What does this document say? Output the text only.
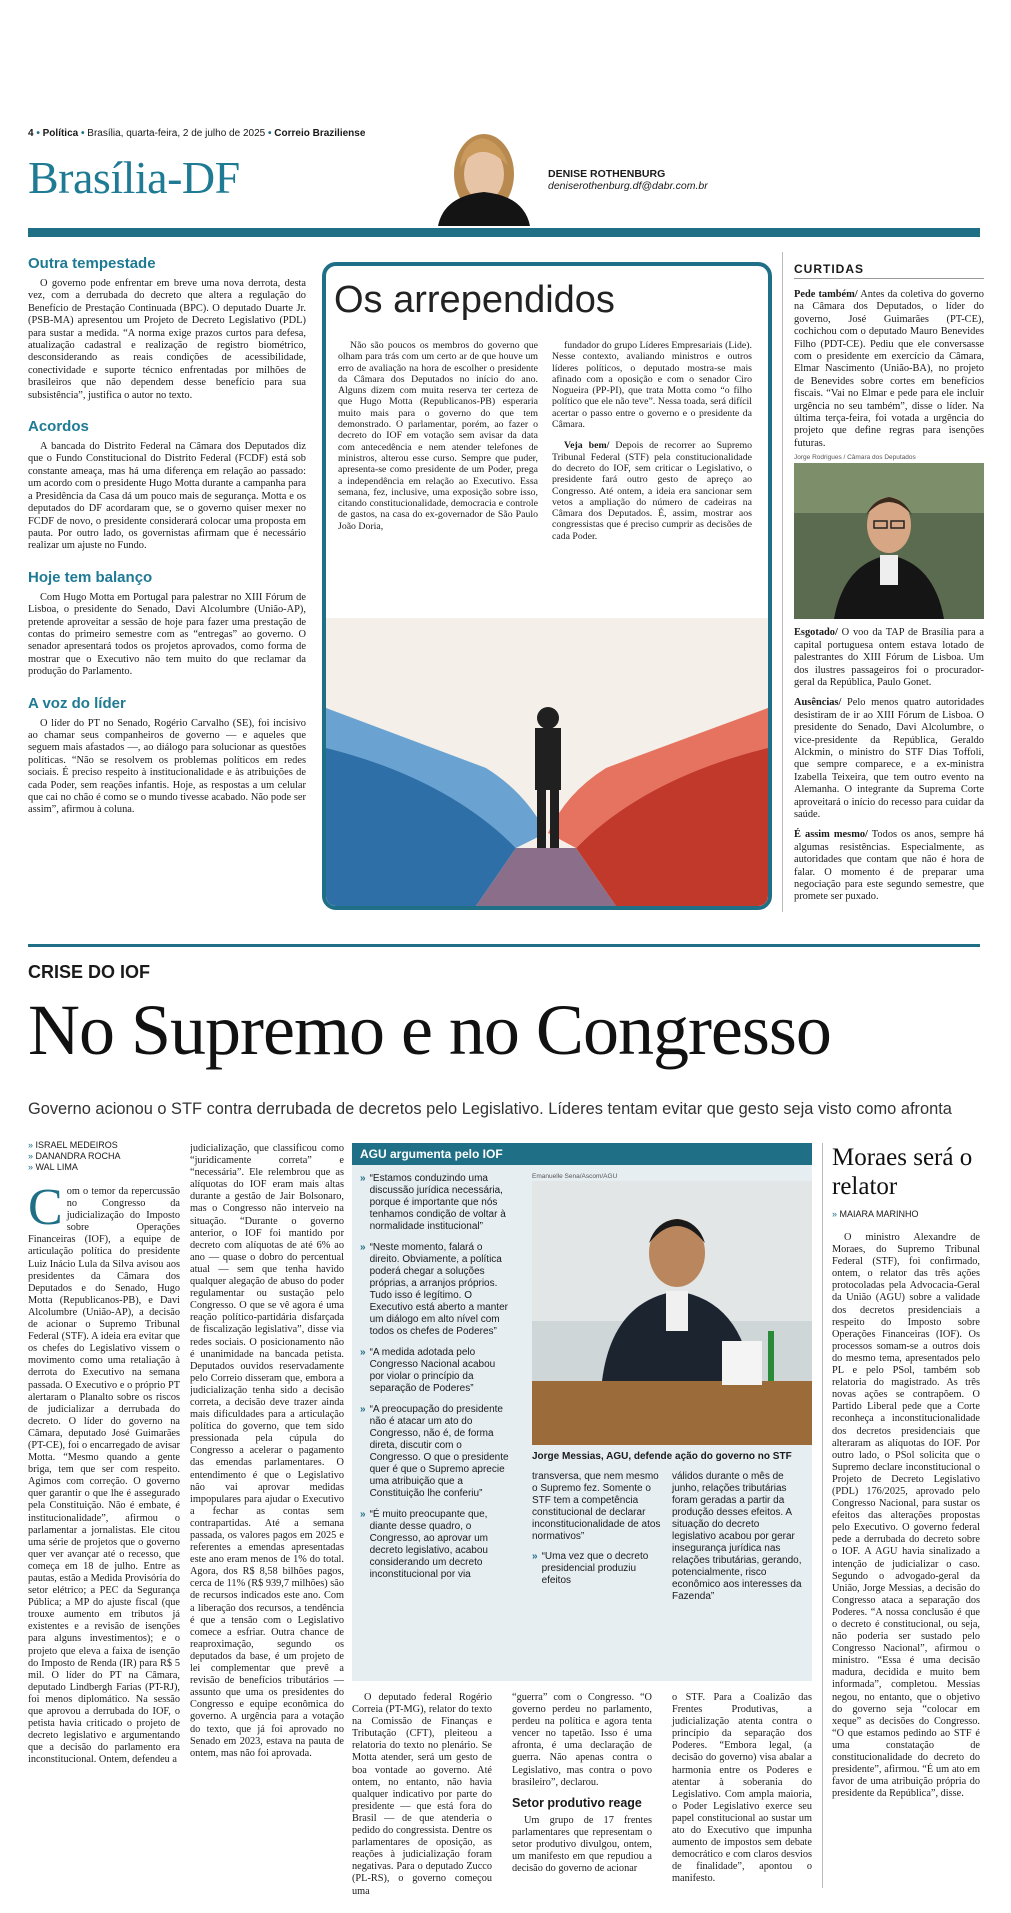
4 • Política • Brasília, quarta-feira, 2 de julho de 2025 • Correio Braziliense
Brasília-DF	DENISE ROTHENBURG
deniserothenburg.df@dabr.com.br
Outra tempestade

O governo pode enfrentar em breve uma nova derrota, desta vez, com a derrubada do decreto que altera a regulação do Benefício de Prestação Continuada (BPC). O deputado Duarte Jr. (PSB-MA) apresentou um Projeto de Decreto Legislativo (PDL) para sustar a medida. “A norma exige prazos curtos para defesa, atualização cadastral e realização de registro biométrico, desconsiderando as reais condições de acessibilidade, conectividade e suporte técnico enfrentadas por milhões de brasileiros que não dependem desse benefício para sua subsistência”, justifica o autor no texto.

Acordos

A bancada do Distrito Federal na Câmara dos Deputados diz que o Fundo Constitucional do Distrito Federal (FCDF) está sob constante ameaça, mas há uma diferença em relação ao passado: um acordo com o presidente Hugo Motta durante a campanha para a Presidência da Casa dá um pouco mais de segurança. Motta e os deputados do DF acordaram que, se o governo quiser mexer no FCDF de novo, o presidente considerará colocar uma proposta em pauta. Por outro lado, os governistas afirmam que é necessário realizar um ajuste no Fundo.

Hoje tem balanço

Com Hugo Motta em Portugal para palestrar no XIII Fórum de Lisboa, o presidente do Senado, Davi Alcolumbre (União-AP), pretende aproveitar a sessão de hoje para fazer uma prestação de contas do primeiro semestre com as “entregas” ao governo. O senador apresentará todos os projetos aprovados, como forma de mostrar que o Executivo não tem muito do que reclamar da produção do Parlamento.

A voz do líder

O líder do PT no Senado, Rogério Carvalho (SE), foi incisivo ao chamar seus companheiros de governo — e aqueles que seguem mais afastados —, ao diálogo para solucionar as questões políticas. “Não se resolvem os problemas políticos em redes sociais. É preciso respeito à institucionalidade e às atribuições de cada Poder, sem reações infantis. Hoje, as respostas a um celular que cai no chão é como se o mundo tivesse acabado. Não pode ser assim”, afirmou à coluna.

Os arrependidos

Não são poucos os membros do governo que olham para trás com um certo ar de que houve um erro de avaliação na hora de escolher o presidente da Câmara dos Deputados no início do ano. Alguns dizem com muita reserva ter certeza de que Hugo Motta (Republicanos-PB) esperaria muito mais para o governo do que tem demonstrado. O parlamentar, porém, ao fazer o decreto do IOF em votação sem avisar da data com antecedência e nem atender telefones de ministros, alterou esse curso. Sempre que puder, apresenta-se como presidente de um Poder, prega a independência em relação ao Executivo. Essa semana, fez, inclusive, uma exposição sobre isso, citando constitucionalidade, democracia e controle de gastos, na casa do ex-governador de São Paulo João Doria,

fundador do grupo Líderes Empresariais (Lide). Nesse contexto, avaliando ministros e outros líderes políticos, o deputado mostra-se mais afinado com a oposição e com o senador Ciro Nogueira (PP-PI), que trata Motta como “o filho político que ele não teve”. Nessa toada, será difícil acertar o passo entre o governo e o presidente da Câmara.

Veja bem/ Depois de recorrer ao Supremo Tribunal Federal (STF) pela constitucionalidade do decreto do IOF, sem criticar o Legislativo, o presidente fará outro gesto de apreço ao Congresso. Até ontem, a ideia era sancionar sem vetos a ampliação do número de cadeiras na Câmara dos Deputados. É, assim, mostrar aos congressistas que é preciso cumprir as decisões de cada Poder.

CURTIDAS

Pede também/ Antes da coletiva do governo na Câmara dos Deputados, o líder do governo, José Guimarães (PT-CE), cochichou com o deputado Mauro Benevides Filho (PDT-CE). Pediu que ele conversasse com o presidente em exercício da Câmara, Elmar Nascimento (União-BA), no projeto de Benevides sobre cortes em benefícios fiscais. “Vai no Elmar e pede para ele incluir urgência no seu também”, disse o líder. Na última terça-feira, foi votada a urgência do projeto que define regras para isenções futuras.

Jorge Rodrigues / Câmara dos Deputados

Esgotado/ O voo da TAP de Brasília para a capital portuguesa ontem estava lotado de palestrantes do XIII Fórum de Lisboa. Um dos ilustres passageiros foi o procurador-geral da República, Paulo Gonet.

Ausências/ Pelo menos quatro autoridades desistiram de ir ao XIII Fórum de Lisboa. O presidente do Senado, Davi Alcolumbre, o vice-presidente da República, Geraldo Alckmin, o ministro do STF Dias Toffoli, que sempre comparece, e a ex-ministra Izabella Teixeira, que tem outro evento na Alemanha. O integrante da Suprema Corte aproveitará o início do recesso para cuidar da saúde.

É assim mesmo/ Todos os anos, sempre há algumas resistências. Especialmente, as autoridades que contam que não é hora de falar. O momento é de preparar uma negociação para este segundo semestre, que promete ser puxado.

CRISE DO IOF
No Supremo e no Congresso
Governo acionou o STF contra derrubada de decretos pelo Legislativo. Líderes tentam evitar que gesto seja visto como afronta
» ISRAEL MEDEIROS
» DANANDRA ROCHA
» WAL LIMA
C om o temor da repercussão no Congresso da judicialização do Imposto sobre Operações Financeiras (IOF), a equipe de articulação política do presidente Luiz Inácio Lula da Silva avisou aos presidentes da Câmara dos Deputados e do Senado, Hugo Motta (Republicanos-PB), e Davi Alcolumbre (União-AP), a decisão de acionar o Supremo Tribunal Federal (STF). A ideia era evitar que os chefes do Legislativo vissem o movimento como uma retaliação à derrota do Executivo na semana passada. O Executivo e o próprio PT alertaram o Planalto sobre os riscos de judicializar a derrubada do decreto. O líder do governo na Câmara, deputado José Guimarães (PT-CE), foi o encarregado de avisar Motta. “Mesmo quando a gente briga, tem que ser com respeito. Agimos com correção. O governo quer garantir o que lhe é assegurado pela Constituição. Não é embate, é institucionalidade”, afirmou o parlamentar a jornalistas. Ele citou uma série de projetos que o governo quer ver avançar até o recesso, que começa em 18 de julho. Entre as pautas, estão a Medida Provisória do setor elétrico; a PEC da Segurança Pública; a MP do ajuste fiscal (que trouxe aumento em tributos já existentes e a revisão de isenções para alguns investimentos); e o projeto que eleva a faixa de isenção do Imposto de Renda (IR) para R$ 5 mil. O líder do PT na Câmara, deputado Lindbergh Farias (PT-RJ), foi menos diplomático. Na sessão que aprovou a derrubada do IOF, o petista havia criticado o projeto de decreto legislativo e argumentando que a decisão do parlamento era inconstitucional. Ontem, defendeu a
judicialização, que classificou como “juridicamente correta” e “necessária”. Ele relembrou que as alíquotas do IOF eram mais altas durante a gestão de Jair Bolsonaro, mas o Congresso não interveio na situação. “Durante o governo anterior, o IOF foi mantido por decreto com alíquotas de até 6% ao ano — quase o dobro do percentual atual — sem que tenha havido qualquer alegação de abuso do poder regulamentar ou sustação pelo Congresso. O que se vê agora é uma reação político-partidária disfarçada de fiscalização legislativa”, disse via redes sociais. O posicionamento não é unanimidade na bancada petista. Deputados ouvidos reservadamente pelo Correio disseram que, embora a judicialização tenha sido a decisão correta, a decisão deve trazer ainda mais dificuldades para a articulação política do governo, que tem sido pressionada pela cúpula do Congresso a acelerar o pagamento das emendas parlamentares. O entendimento é que o Legislativo não vai aprovar medidas impopulares para ajudar o Executivo a fechar as contas sem contrapartidas. Até a semana passada, os valores pagos em 2025 e referentes a emendas apresentadas este ano eram menos de 1% do total. Agora, dos R$ 8,58 bilhões pagos, cerca de 11% (R$ 939,7 milhões) são de recursos indicados este ano. Com a liberação dos recursos, a tendência é que a tensão com o Legislativo comece a esfriar. Outra chance de reaproximação, segundo os deputados da base, é um projeto de lei complementar que prevê a revisão de benefícios tributários — assunto que uma os presidentes do Congresso e equipe econômica do governo. A urgência para a votação do texto, que já foi aprovado no Senado em 2023, estava na pauta de ontem, mas não foi aprovada.
AGU argumenta pelo IOF
» “Estamos conduzindo uma discussão jurídica necessária, porque é importante que nós tenhamos condição de voltar à normalidade institucional”
» “Neste momento, falará o direito. Obviamente, a política poderá chegar a soluções próprias, a arranjos próprios. Tudo isso é legítimo. O Executivo está aberto a manter um diálogo em alto nível com todos os chefes de Poderes”
» “A medida adotada pelo Congresso Nacional acabou por violar o princípio da separação de Poderes”
» “A preocupação do presidente não é atacar um ato do Congresso, não é, de forma direta, discutir com o Congresso. O que o presidente quer é que o Supremo aprecie uma atribuição que a Constituição lhe conferiu”
» “É muito preocupante que, diante desse quadro, o Congresso, ao aprovar um decreto legislativo, acabou considerando um decreto inconstitucional por via
Emanuelle Sena/Ascom/AGU
Jorge Messias, AGU, defende ação do governo no STF
transversa, que nem mesmo o Supremo fez. Somente o STF tem a competência constitucional de declarar inconstitucionalidade de atos normativos”
» “Uma vez que o decreto presidencial produziu efeitos
válidos durante o mês de junho, relações tributárias foram geradas a partir da produção desses efeitos. A situação do decreto legislativo acabou por gerar insegurança jurídica nas relações tributárias, gerando, potencialmente, risco econômico aos interesses da Fazenda”

O deputado federal Rogério Correia (PT-MG), relator do texto na Comissão de Finanças e Tributação (CFT), pleiteou a relatoria do texto no plenário. Se Motta atender, será um gesto de boa vontade ao governo. Até ontem, no entanto, não havia qualquer indicativo por parte do presidente — que está fora do Brasil — de que atenderia o pedido do congressista. Dentre os parlamentares de oposição, as reações à judicialização foram negativas. Para o deputado Zucco (PL-RS), o governo começou uma

“guerra” com o Congresso. “O governo perdeu no parlamento, perdeu na política e agora tenta vencer no tapetão. Isso é uma afronta, é uma declaração de guerra. Não apenas contra o Legislativo, mas contra o povo brasileiro”, declarou.

Setor produtivo reage

Um grupo de 17 frentes parlamentares que representam o setor produtivo divulgou, ontem, um manifesto em que repudiou a decisão do governo de acionar

o STF. Para a Coalizão das Frentes Produtivas, a judicialização atenta contra o princípio da separação dos Poderes. “Embora legal, (a decisão do governo) visa abalar a harmonia entre os Poderes e atentar à soberania do Legislativo. Com ampla maioria, o Poder Legislativo exerce seu papel constitucional ao sustar um ato do Executivo que impunha aumento de impostos sem debate democrático e com claros desvios de finalidade”, apontou o manifesto.

Moraes será o relator
» MAIARA MARINHO

O ministro Alexandre de Moraes, do Supremo Tribunal Federal (STF), foi confirmado, ontem, o relator das três ações protocoladas pela Advocacia-Geral da União (AGU) sobre a validade dos decretos presidenciais a respeito do Imposto sobre Operações Financeiras (IOF). Os processos somam-se a outros dois do mesmo tema, apresentados pelo PL e pelo PSol, também sob relatoria do magistrado. As três novas ações se contrapõem. O Partido Liberal pede que a Corte reconheça a inconstitucionalidade dos decretos presidenciais que alteraram as alíquotas do IOF. Por outro lado, o PSol solicita que o Supremo declare inconstitucional o Projeto de Decreto Legislativo (PDL) 176/2025, aprovado pelo Congresso Nacional, para sustar os efeitos das alterações propostas pelo Executivo. O governo federal pede a derrubada do decreto sobre o IOF. A AGU havia sinalizado a intenção de judicializar o caso. Segundo o advogado-geral da União, Jorge Messias, a decisão do Congresso ataca a separação dos Poderes. “A nossa conclusão é que o decreto é constitucional, ou seja, não poderia ser sustado pelo Congresso Nacional”, afirmou o ministro. “Essa é uma decisão madura, decidida e muito bem informada”, completou. Messias negou, no entanto, que o objetivo do governo seja “colocar em xeque” as decisões do Congresso. “O que estamos pedindo ao STF é uma constatação de constitucionalidade do decreto do presidente”, afirmou. “É um ato em favor de uma atribuição própria do presidente da República”, disse.
